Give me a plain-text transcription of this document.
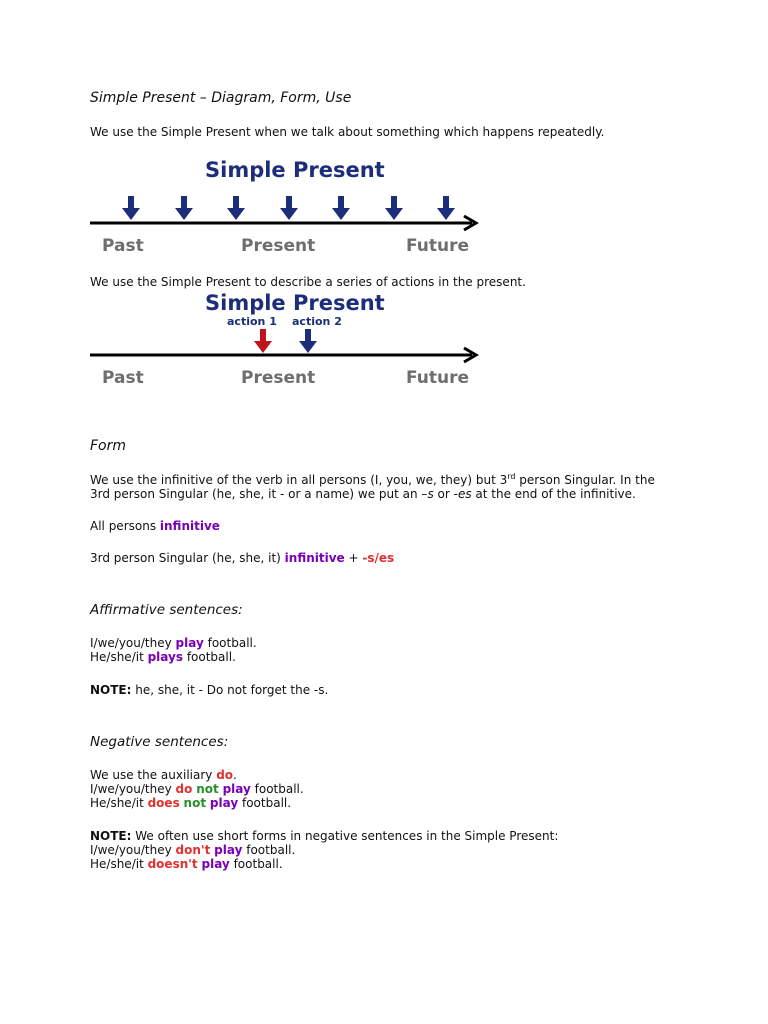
Simple Present – Diagram, Form, Use
We use the Simple Present when we talk about something which happens repeatedly.
Simple Present
Past	Present	Future
We use the Simple Present to describe a series of actions in the present.
Simple Present
action 1 action 2
Past	Present	Future
Form
We use the infinitive of the verb in all persons (I, you, we, they) but 3rd person Singular. In the
3rd person Singular (he, she, it - or a name) we put an –s or -es at the end of the infinitive.
All persons infinitive
3rd person Singular (he, she, it) infinitive + -s/es
Affirmative sentences:
I/we/you/they play football.
He/she/it plays football.
NOTE: he, she, it - Do not forget the -s.
Negative sentences:
We use the auxiliary do.
I/we/you/they do not play football.
He/she/it does not play football.
NOTE: We often use short forms in negative sentences in the Simple Present:
I/we/you/they don't play football.
He/she/it doesn't play football.
